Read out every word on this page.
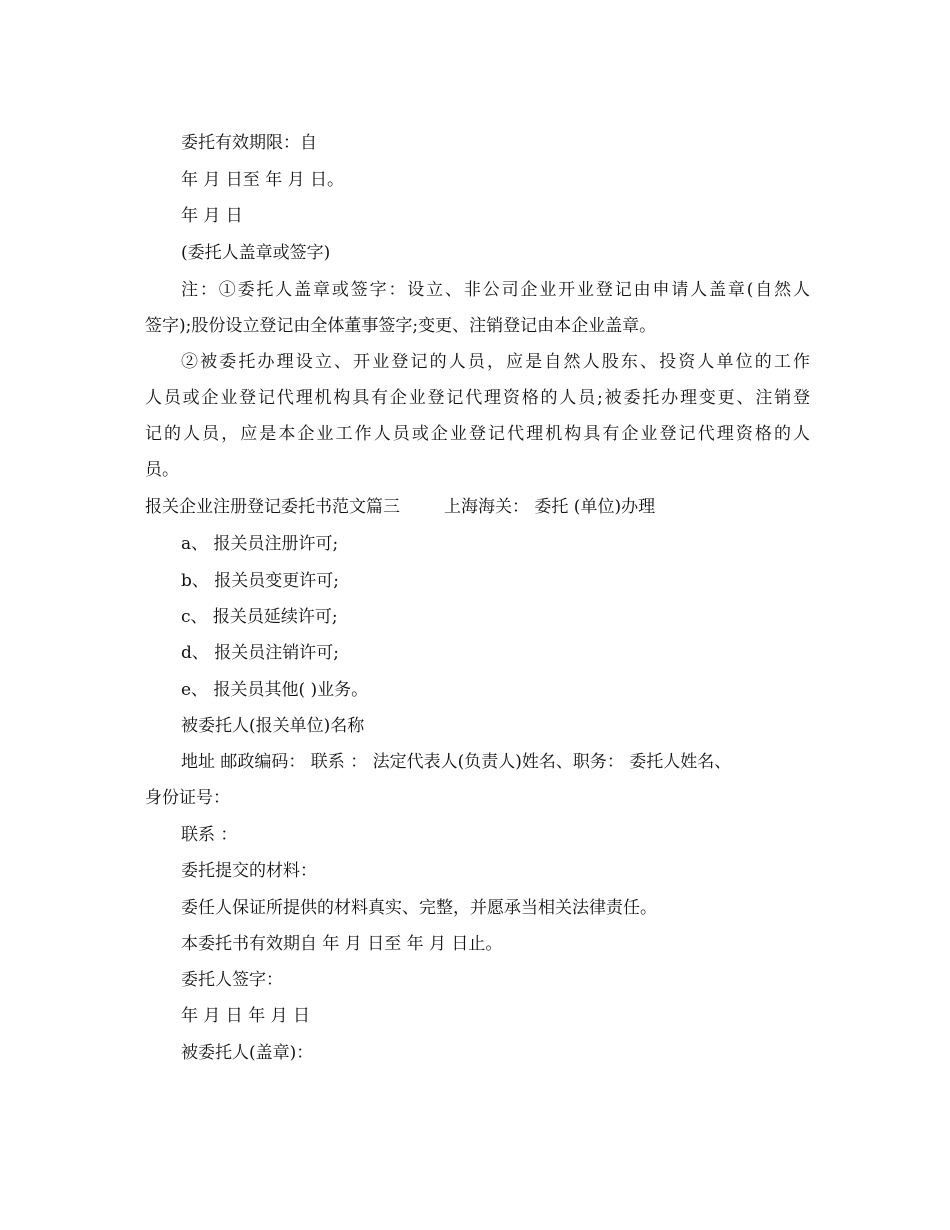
委托有效期限：自
年 月 日至 年 月 日。
年 月 日
(委托人盖章或签字)
注：①委托人盖章或签字：设立、非公司企业开业登记由申请人盖章(自然人
签字);股份设立登记由全体董事签字;变更、注销登记由本企业盖章。
②被委托办理设立、开业登记的人员，应是自然人股东、投资人单位的工作
人员或企业登记代理机构具有企业登记代理资格的人员;被委托办理变更、注销登
记的人员，应是本企业工作人员或企业登记代理机构具有企业登记代理资格的人
员。
报关企业注册登记委托书范文篇三	上海海关： 委托 (单位)办理
a、 报关员注册许可;
b、 报关员变更许可;
c、 报关员延续许可;
d、 报关员注销许可;
e、 报关员其他( )业务。
被委托人(报关单位)名称
地址 邮政编码： 联系 ： 法定代表人(负责人)姓名、职务： 委托人姓名、
身份证号：
联系 ：
委托提交的材料：
委任人保证所提供的材料真实、完整，并愿承当相关法律责任。
本委托书有效期自 年 月 日至 年 月 日止。
委托人签字：
年 月 日 年 月 日
被委托人(盖章)：
